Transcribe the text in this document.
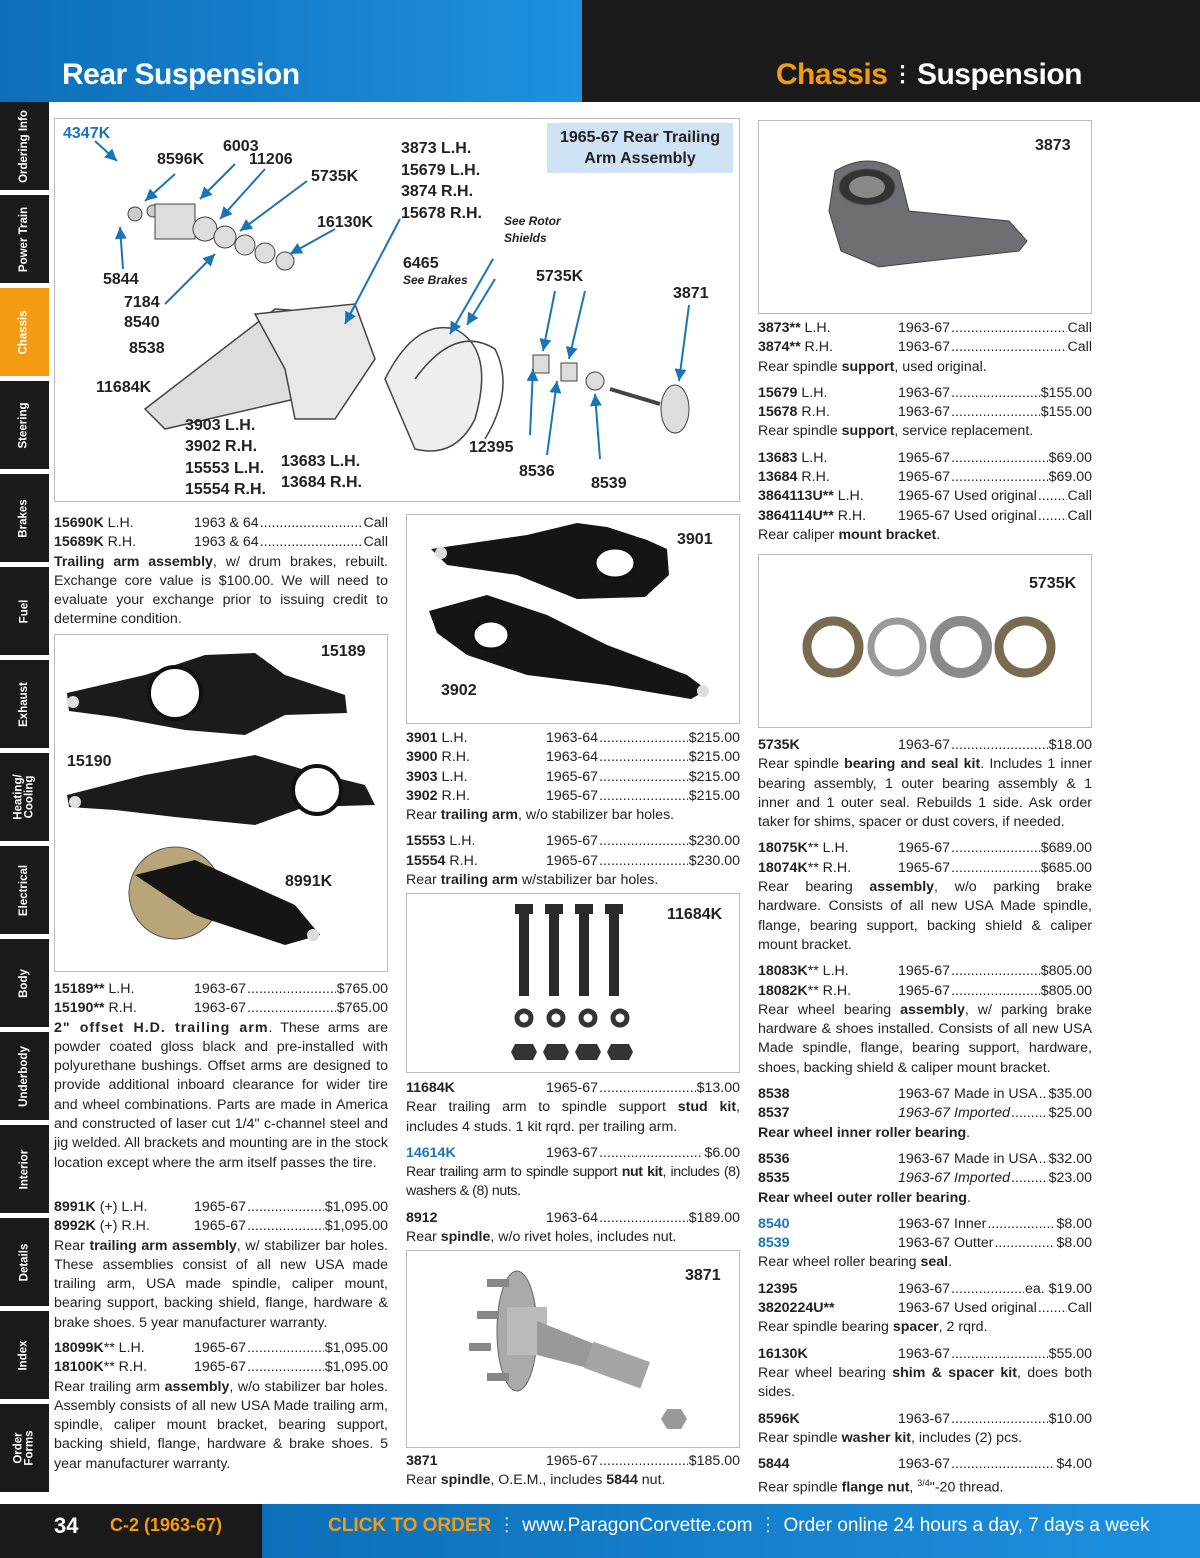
Rear Suspension	Chassis ⋮ Suspension
Ordering Info
Power Train
Chassis
Steering
Brakes
Fuel
Exhaust
Heating/ Cooling
Electrical
Body
Underbody
Interior
Details
Index
Order Forms
1965-67 Rear Trailing
Arm Assembly
4347K
8596K
6003
11206
5735K
16130K
3873 L.H.
15679 L.H.
3874 R.H.
15678 R.H. See Rotor
Shields
6465
See Brakes	5735K
3871
5844
7184
8540
8538
11684K
3903 L.H.
3902 R.H.
15553 L.H.
15554 R.H.
13683 L.H.
13684 R.H.
12395
8536
8539
15690K L.H.	1963 & 64 .....	Call
15689K R.H.	1963 & 64 .....	Call
Trailing arm assembly, w/ drum brakes, rebuilt. Exchange core value is $100.00. We will need to evaluate your exchange prior to issuing credit to determine condition.
15189
15190
8991K
15189** L.H.	1963-67 .....	$765.00
15190** R.H.	1963-67 .....	$765.00
2" offset H.D. trailing arm. These arms are powder coated gloss black and pre-installed with polyurethane bushings. Offset arms are designed to provide additional inboard clearance for wider tire and wheel combinations. Parts are made in America and constructed of laser cut 1/4" c-channel steel and jig welded. All brackets and mounting are in the stock location except where the arm itself passes the tire.
8991K (+) L.H.	1965-67 .....	$1,095.00
8992K (+) R.H.	1965-67 .....	$1,095.00
Rear trailing arm assembly, w/ stabilizer bar holes. These assemblies consist of all new USA made trailing arm, USA made spindle, caliper mount, bearing support, backing shield, flange, hardware & brake shoes. 5 year manufacturer warranty.
18099K** L.H.	1965-67 .....	$1,095.00
18100K** R.H.	1965-67 .....	$1,095.00
Rear trailing arm assembly, w/o stabilizer bar holes. Assembly consists of all new USA Made trailing arm, spindle, caliper mount bracket, bearing support, backing shield, flange, hardware & brake shoes. 5 year manufacturer warranty.
3901
3902
3901 L.H.	1963-64 .....	$215.00
3900 R.H.	1963-64 .....	$215.00
3903 L.H.	1965-67 .....	$215.00
3902 R.H.	1965-67 .....	$215.00
Rear trailing arm, w/o stabilizer bar holes.
15553 L.H.	1965-67 .....	$230.00
15554 R.H.	1965-67 .....	$230.00
Rear trailing arm w/stabilizer bar holes.
11684K
11684K	1965-67 .....	$13.00
Rear trailing arm to spindle support stud kit, includes 4 studs. 1 kit rqrd. per trailing arm.
14614K	1963-67 .....	$6.00
Rear trailing arm to spindle support nut kit, includes (8) washers & (8) nuts.
8912	1963-64 .....	$189.00
Rear spindle, w/o rivet holes, includes nut.
3871
3871	1965-67 .....	$185.00
Rear spindle, O.E.M., includes 5844 nut.
3873
3873** L.H.	1963-67 .....	Call
3874** R.H.	1963-67 .....	Call
Rear spindle support, used original.
15679 L.H.	1963-67 .....	$155.00
15678 R.H.	1963-67 .....	$155.00
Rear spindle support, service replacement.
13683 L.H.	1965-67 .....	$69.00
13684 R.H.	1965-67 .....	$69.00
3864113U** L.H.	1965-67 Used original ..... Call
3864114U** R.H.	1965-67 Used original ..... Call
Rear caliper mount bracket.
5735K
5735K	1963-67 .....	$18.00
Rear spindle bearing and seal kit. Includes 1 inner bearing assembly, 1 outer bearing assembly & 1 inner and 1 outer seal. Rebuilds 1 side. Ask order taker for shims, spacer or dust covers, if needed.
18075K** L.H.	1965-67 .....	$689.00
18074K** R.H.	1965-67 .....	$685.00
Rear bearing assembly, w/o parking brake hardware. Consists of all new USA Made spindle, flange, bearing support, backing shield & caliper mount bracket.
18083K** L.H.	1965-67 .....	$805.00
18082K** R.H.	1965-67 .....	$805.00
Rear wheel bearing assembly, w/ parking brake hardware & shoes installed. Consists of all new USA Made spindle, flange, bearing support, hardware, shoes, backing shield & caliper mount bracket.
8538	1963-67 Made in USA ..... $35.00
8537	1963-67 Imported .....	$25.00
Rear wheel inner roller bearing.
8536	1963-67 Made in USA ..... $32.00
8535	1963-67 Imported .....	$23.00
Rear wheel outer roller bearing.
8540	1963-67 Inner .....	$8.00
8539	1963-67 Outter .....	$8.00
Rear wheel roller bearing seal.
12395	1963-67 .....	ea. $19.00
3820224U**	1963-67 Used original ..... Call
Rear spindle bearing spacer, 2 rqrd.
16130K	1963-67 .....	$55.00
Rear wheel bearing shim & spacer kit, does both sides.
8596K	1963-67 .....	$10.00
Rear spindle washer kit, includes (2) pcs.
5844	1963-67 .....	$4.00
Rear spindle flange nut, $^{3/4}$"-20 thread.
34 C-2 (1963-67)	CLICK TO ORDER ⋮ www.ParagonCorvette.com ⋮ Order online 24 hours a day, 7 days a week
